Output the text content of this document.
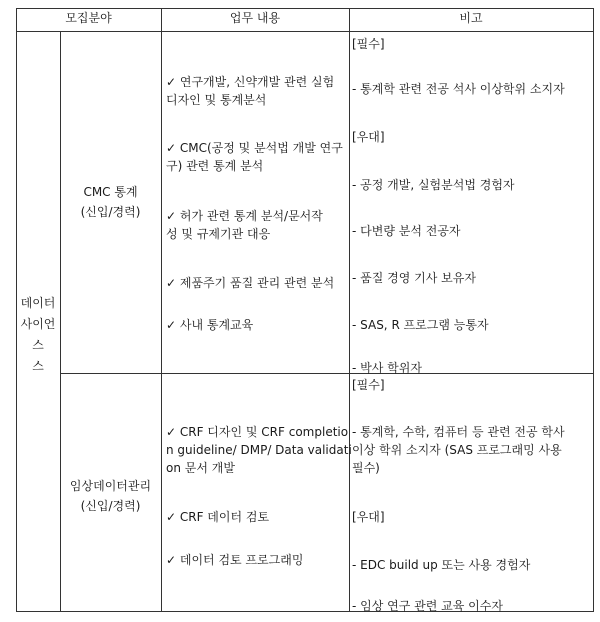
모집분야	업무 내용	비고
데이터
사이언스
스
CMC 통계
(신입/경력)
✓ 연구개발, 신약개발 관련 실험
디자인 및 통계분석
✓ CMC(공정 및 분석법 개발 연구
구) 관련 통계 분석
✓ 허가 관련 통계 분석/문서작
성 및 규제기관 대응
✓ 제품주기 품질 관리 관련 분석
✓ 사내 통계교육
[필수]
- 통계학 관련 전공 석사 이상학위 소지자
[우대]
- 공정 개발, 실험분석법 경험자
- 다변량 분석 전공자
- 품질 경영 기사 보유자
- SAS, R 프로그램 능통자
- 박사 학위자
임상데이터관리
(신입/경력)
✓ CRF 디자인 및 CRF completio
n guideline/ DMP/ Data validati
on 문서 개발
✓ CRF 데이터 검토
✓ 데이터 검토 프로그래밍
[필수]
- 통계학, 수학, 컴퓨터 등 관련 전공 학사
이상 학위 소지자 (SAS 프로그래밍 사용
필수)
[우대]
- EDC build up 또는 사용 경험자
- 임상 연구 관련 교육 이수자
